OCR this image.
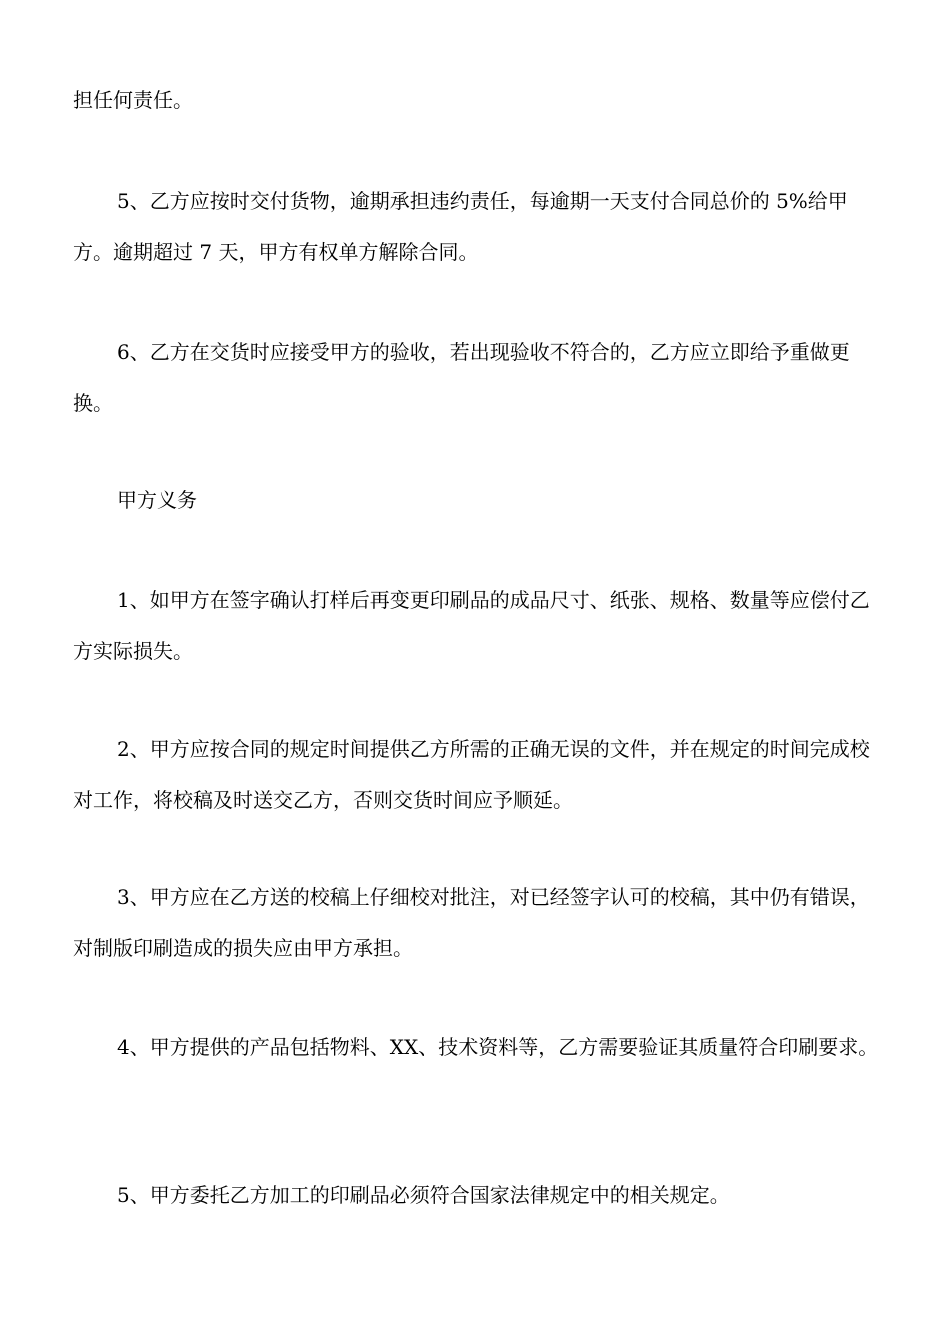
担任何责任。

5、乙方应按时交付货物，逾期承担违约责任，每逾期一天支付合同总价的 5%给甲方。逾期超过 7 天，甲方有权单方解除合同。

6、乙方在交货时应接受甲方的验收，若出现验收不符合的，乙方应立即给予重做更换。

甲方义务

1、如甲方在签字确认打样后再变更印刷品的成品尺寸、纸张、规格、数量等应偿付乙方实际损失。

2、甲方应按合同的规定时间提供乙方所需的正确无误的文件，并在规定的时间完成校对工作，将校稿及时送交乙方，否则交货时间应予顺延。

3、甲方应在乙方送的校稿上仔细校对批注，对已经签字认可的校稿，其中仍有错误，对制版印刷造成的损失应由甲方承担。

4、甲方提供的产品包括物料、XX、技术资料等，乙方需要验证其质量符合印刷要求。

5、甲方委托乙方加工的印刷品必须符合国家法律规定中的相关规定。
